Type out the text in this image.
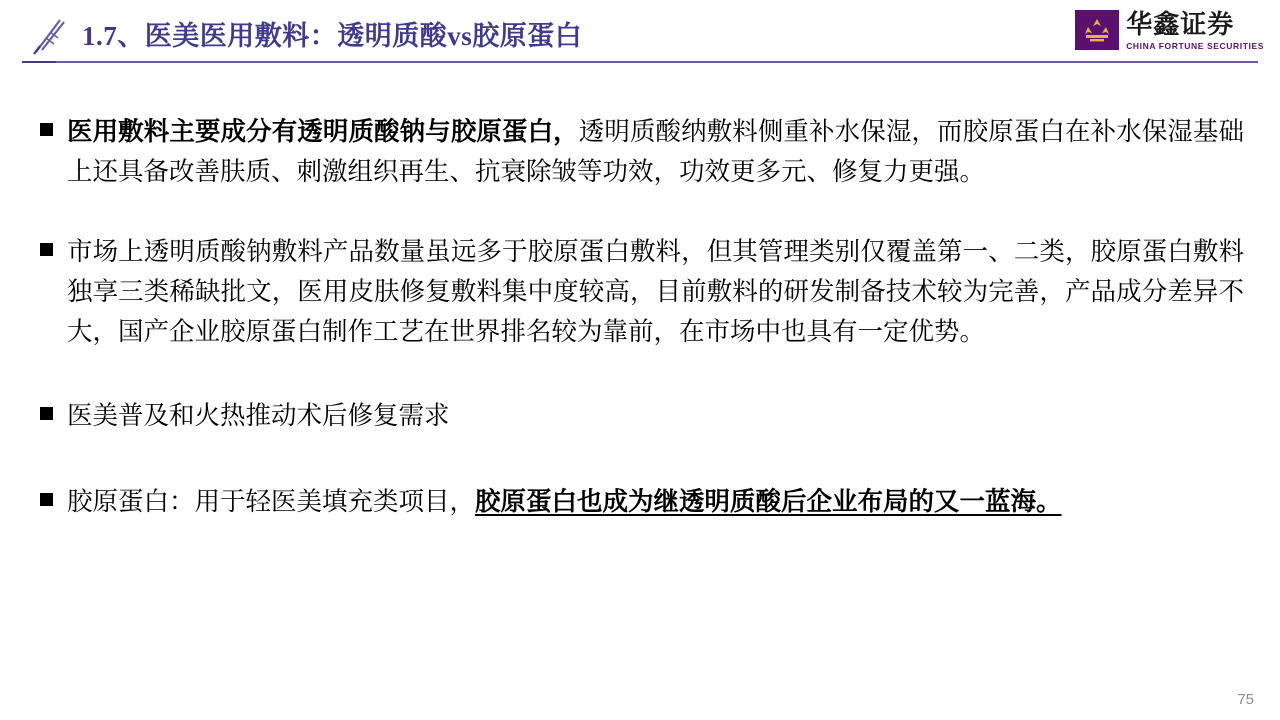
1.7、医美医用敷料：透明质酸vs胶原蛋白	华鑫证券
CHINA FORTUNE SECURITIES
医用敷料主要成分有透明质酸钠与胶原蛋白，透明质酸纳敷料侧重补水保湿，而胶原蛋白在补水保湿基础上还具备改善肤质、刺激组织再生、抗衰除皱等功效，功效更多元、修复力更强。
市场上透明质酸钠敷料产品数量虽远多于胶原蛋白敷料，但其管理类别仅覆盖第一、二类，胶原蛋白敷料独享三类稀缺批文，医用皮肤修复敷料集中度较高，目前敷料的研发制备技术较为完善，产品成分差异不大，国产企业胶原蛋白制作工艺在世界排名较为靠前，在市场中也具有一定优势。
医美普及和火热推动术后修复需求
胶原蛋白：用于轻医美填充类项目，胶原蛋白也成为继透明质酸后企业布局的又一蓝海。
75
